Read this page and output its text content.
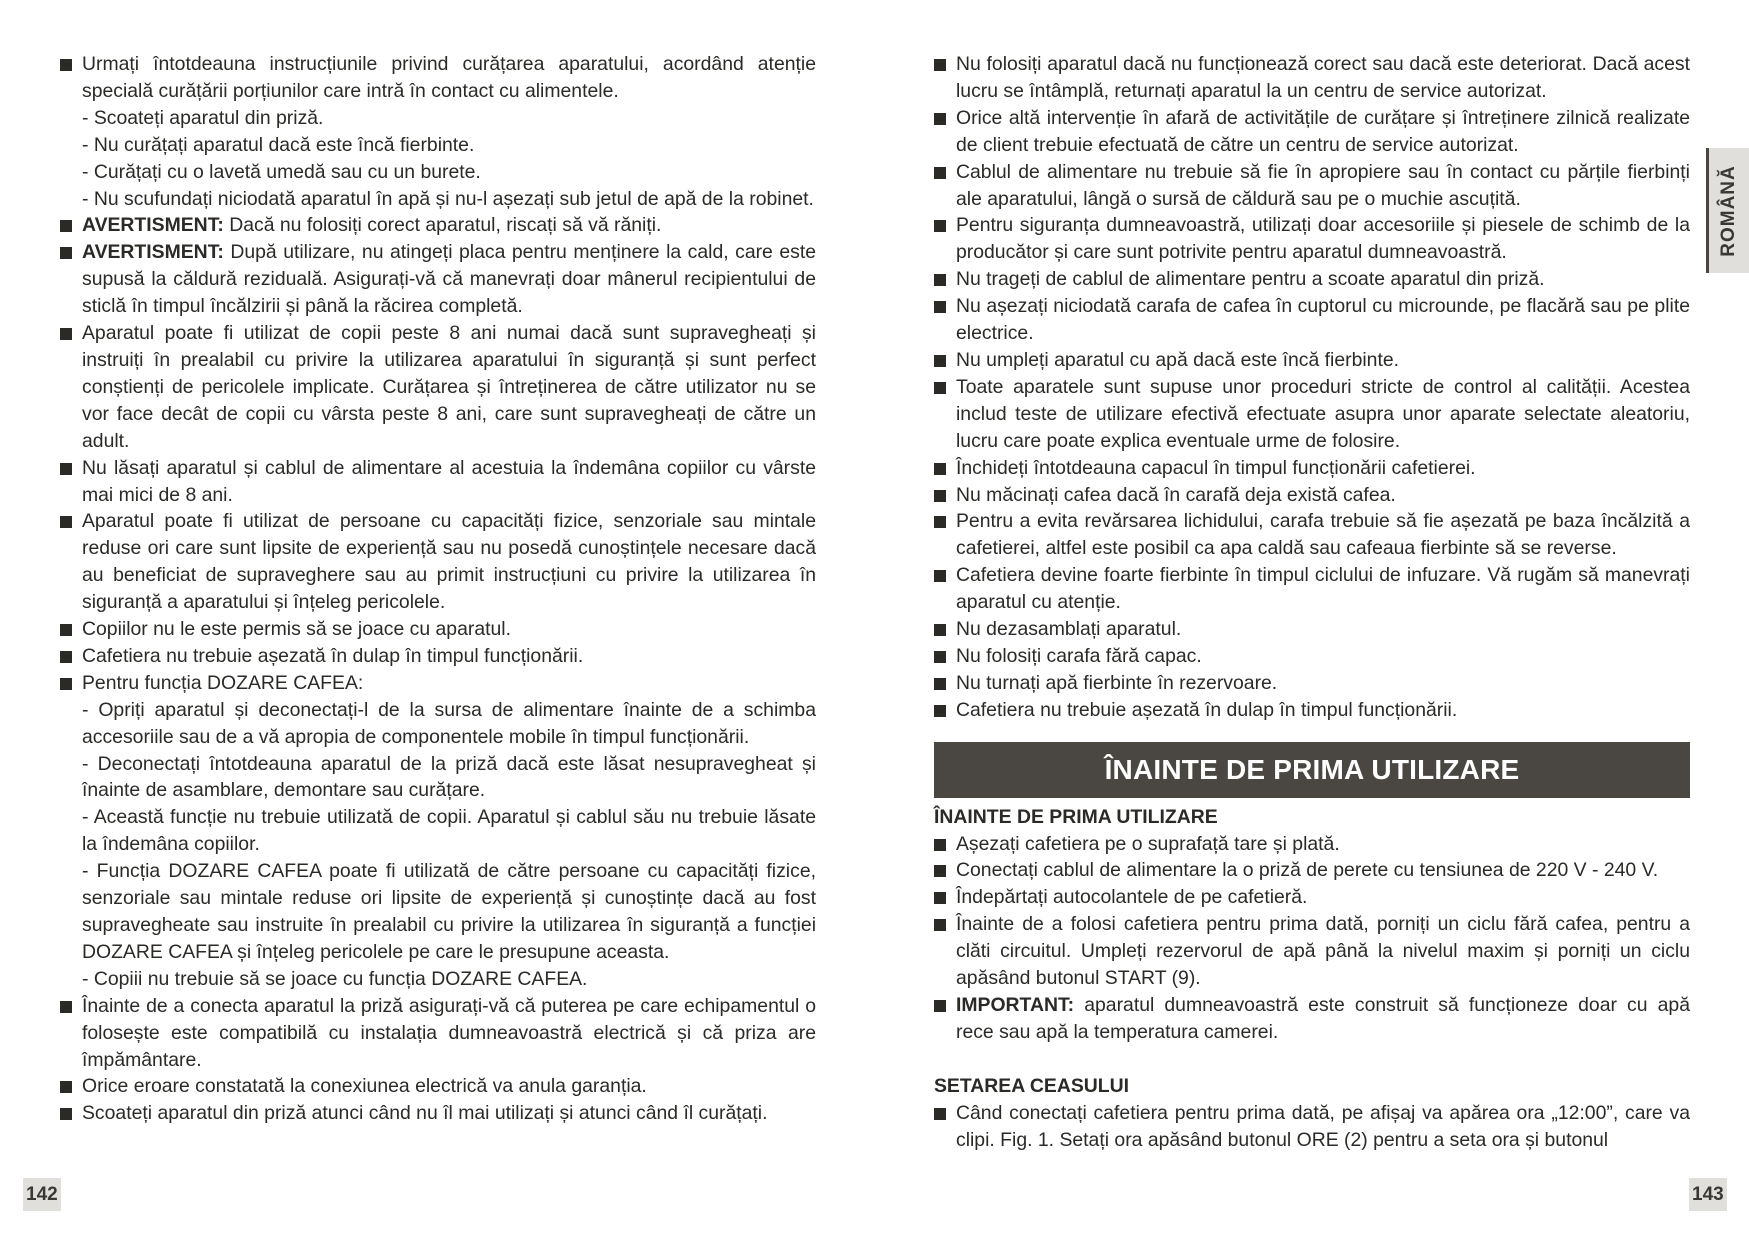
Urmați întotdeauna instrucțiunile privind curățarea aparatului, acordând atenție specială curățării porțiunilor care intră în contact cu alimentele.
- Scoateți aparatul din priză.
- Nu curățați aparatul dacă este încă fierbinte.
- Curățați cu o lavetă umedă sau cu un burete.
- Nu scufundați niciodată aparatul în apă și nu-l așezați sub jetul de apă de la robinet.
AVERTISMENT: Dacă nu folosiți corect aparatul, riscați să vă răniți.
AVERTISMENT: După utilizare, nu atingeți placa pentru menținere la cald, care este supusă la căldură reziduală. Asigurați-vă că manevrați doar mânerul recipientului de sticlă în timpul încălzirii și până la răcirea completă.
Aparatul poate fi utilizat de copii peste 8 ani numai dacă sunt supravegheați și instruiți în prealabil cu privire la utilizarea aparatului în siguranță și sunt perfect conștienți de pericolele implicate. Curățarea și întreținerea de către utilizator nu se vor face decât de copii cu vârsta peste 8 ani, care sunt supravegheați de către un adult.
Nu lăsați aparatul și cablul de alimentare al acestuia la îndemâna copiilor cu vârste mai mici de 8 ani.
Aparatul poate fi utilizat de persoane cu capacități fizice, senzoriale sau mintale reduse ori care sunt lipsite de experiență sau nu posedă cunoștințele necesare dacă au beneficiat de supraveghere sau au primit instrucțiuni cu privire la utilizarea în siguranță a aparatului și înțeleg pericolele.
Copiilor nu le este permis să se joace cu aparatul.
Cafetiera nu trebuie așezată în dulap în timpul funcționării.
Pentru funcția DOZARE CAFEA:
- Opriți aparatul și deconectați-l de la sursa de alimentare înainte de a schimba accesoriile sau de a vă apropia de componentele mobile în timpul funcționării.
- Deconectați întotdeauna aparatul de la priză dacă este lăsat nesupravegheat și înainte de asamblare, demontare sau curățare.
- Această funcție nu trebuie utilizată de copii. Aparatul și cablul său nu trebuie lăsate la îndemâna copiilor.
- Funcția DOZARE CAFEA poate fi utilizată de către persoane cu capacități fizice, senzoriale sau mintale reduse ori lipsite de experiență și cunoștințe dacă au fost supravegheate sau instruite în prealabil cu privire la utilizarea în siguranță a funcției DOZARE CAFEA și înțeleg pericolele pe care le presupune aceasta.
- Copiii nu trebuie să se joace cu funcția DOZARE CAFEA.
Înainte de a conecta aparatul la priză asigurați-vă că puterea pe care echipamentul o folosește este compatibilă cu instalația dumneavoastră electrică și că priza are împământare.
Orice eroare constatată la conexiunea electrică va anula garanția.
Scoateți aparatul din priză atunci când nu îl mai utilizați și atunci când îl curățați.
Nu folosiți aparatul dacă nu funcționează corect sau dacă este deteriorat. Dacă acest lucru se întâmplă, returnați aparatul la un centru de service autorizat.
Orice altă intervenție în afară de activitățile de curățare și întreținere zilnică realizate de client trebuie efectuată de către un centru de service autorizat.
Cablul de alimentare nu trebuie să fie în apropiere sau în contact cu părțile fierbinți ale aparatului, lângă o sursă de căldură sau pe o muchie ascuțită.
Pentru siguranța dumneavoastră, utilizați doar accesoriile și piesele de schimb de la producător și care sunt potrivite pentru aparatul dumneavoastră.
Nu trageți de cablul de alimentare pentru a scoate aparatul din priză.
Nu așezați niciodată carafa de cafea în cuptorul cu microunde, pe flacără sau pe plite electrice.
Nu umpleți aparatul cu apă dacă este încă fierbinte.
Toate aparatele sunt supuse unor proceduri stricte de control al calității. Acestea includ teste de utilizare efectivă efectuate asupra unor aparate selectate aleatoriu, lucru care poate explica eventuale urme de folosire.
Închideți întotdeauna capacul în timpul funcționării cafetierei.
Nu măcinați cafea dacă în carafă deja există cafea.
Pentru a evita revărsarea lichidului, carafa trebuie să fie așezată pe baza încălzită a cafetierei, altfel este posibil ca apa caldă sau cafeaua fierbinte să se reverse.
Cafetiera devine foarte fierbinte în timpul ciclului de infuzare. Vă rugăm să manevrați aparatul cu atenție.
Nu dezasamblați aparatul.
Nu folosiți carafa fără capac.
Nu turnați apă fierbinte în rezervoare.
Cafetiera nu trebuie așezată în dulap în timpul funcționării.
ÎNAINTE DE PRIMA UTILIZARE
ÎNAINTE DE PRIMA UTILIZARE
Așezați cafetiera pe o suprafață tare și plată.
Conectați cablul de alimentare la o priză de perete cu tensiunea de 220 V - 240 V.
Îndepărtați autocolantele de pe cafetieră.
Înainte de a folosi cafetiera pentru prima dată, porniți un ciclu fără cafea, pentru a clăti circuitul. Umpleți rezervorul de apă până la nivelul maxim și porniți un ciclu apăsând butonul START (9).
IMPORTANT: aparatul dumneavoastră este construit să funcționeze doar cu apă rece sau apă la temperatura camerei.
SETAREA CEASULUI
Când conectați cafetiera pentru prima dată, pe afișaj va apărea ora „12:00”, care va clipi. Fig. 1. Setați ora apăsând butonul ORE (2) pentru a seta ora și butonul
ROMÂNĂ
142	143
